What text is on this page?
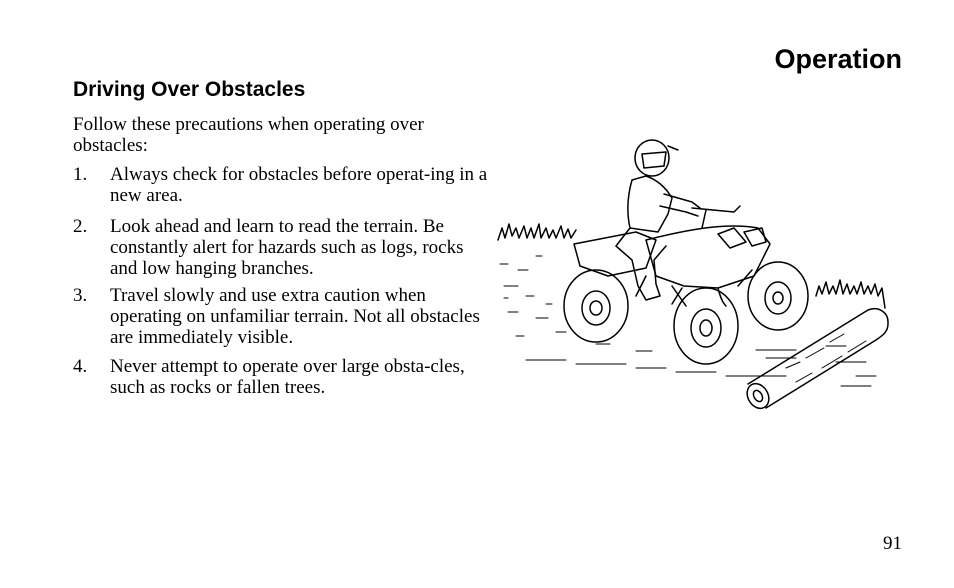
Operation
Driving Over Obstacles

Follow these precautions when operating over obstacles:

1. Always check for obstacles before operat-ing in a new area.
2. Look ahead and learn to read the terrain. Be constantly alert for hazards such as logs, rocks and low hanging branches.
3. Travel slowly and use extra caution when operating on unfamiliar terrain. Not all obstacles are immediately visible.
4. Never attempt to operate over large obsta-cles, such as rocks or fallen trees.

91
